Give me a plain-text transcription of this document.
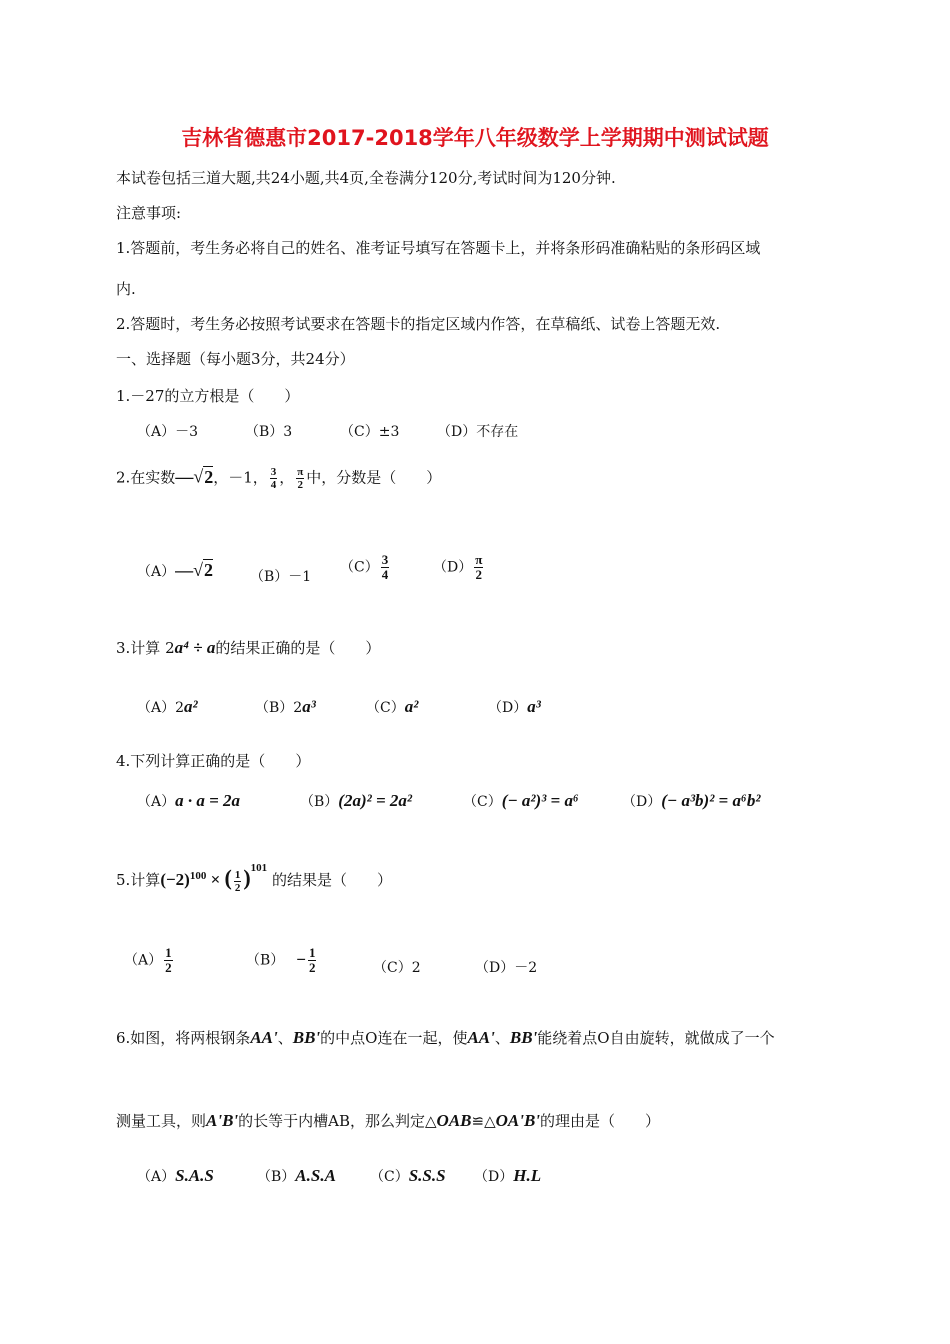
吉林省德惠市2017-2018学年八年级数学上学期期中测试试题
本试卷包括三道大题,共24小题,共4页,全卷满分120分,考试时间为120分钟.
注意事项:
1.答题前，考生务必将自己的姓名、准考证号填写在答题卡上，并将条形码准确粘贴的条形码区域
内.
2.答题时，考生务必按照考试要求在答题卡的指定区域内作答，在草稿纸、试卷上答题无效.
一、选择题（每小题3分，共24分）
1.－27的立方根是（　　）
（A）－3	（B）3	（C）±3	（D）不存在
2.在实数—√2，－1， $\frac{3}{4}$ ， $\frac{\pi}{2}$ 中，分数是（　　）
（A）—√2	（B）－1
$(C) \frac{3}{4}$	$(D) \frac{\pi}{2}$
3.计算 2a⁴ ÷ a的结果正确的是（　　）
（A）2a²	（B）2a³	（C）a²	（D）a³
4.下列计算正确的是（　　）
（A）a · a = 2a	（B）(2a)² = 2a²	（C）(− a²)³ = a⁶	（D）(− a³b)² = a⁶b²
5.计算$(-2)^{100}$ × ( $\frac{1}{2} )^{101}$ 的结果是（　　）
$(A) \frac{1}{2}$	$(B) - \frac{1}{2}$	（C）2	（D）－2
6.如图，将两根钢条AA'、BB'的中点O连在一起，使AA'、BB'能绕着点O自由旋转，就做成了一个
测量工具，则A'B'的长等于内槽AB，那么判定△OAB≌△OA'B'的理由是（　　）
（A）S.A.S	（B）A.S.A （C）S.S.S （D）H.L
